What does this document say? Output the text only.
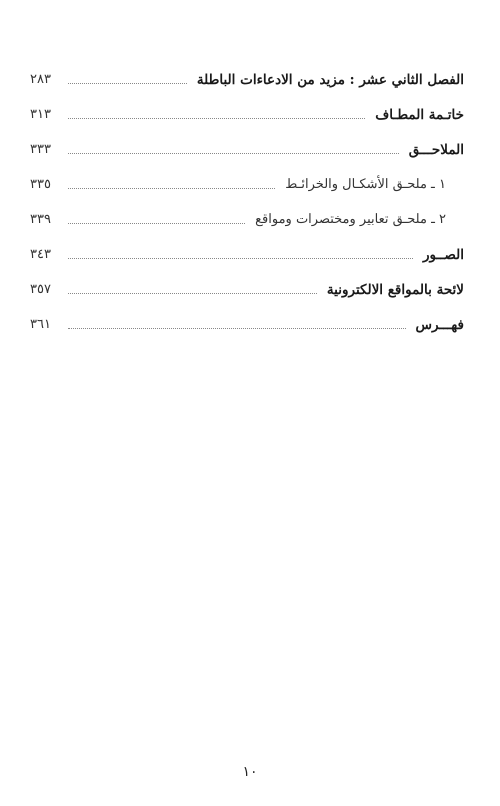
الفصل الثاني عشر : مزيد من الادعاءات الباطلة
٢٨٣
خاتـمة المطـاف
٣١٣
الملاحـــق
٣٣٣
١ ـ ملحـق الأشكـال والخرائـط
٣٣٥
٢ ـ ملحـق تعابير ومختصرات ومواقع
٣٣٩
الصــور
٣٤٣
لائحة بالمواقع الالكترونية
٣٥٧
فهـــرس
٣٦١
١٠
